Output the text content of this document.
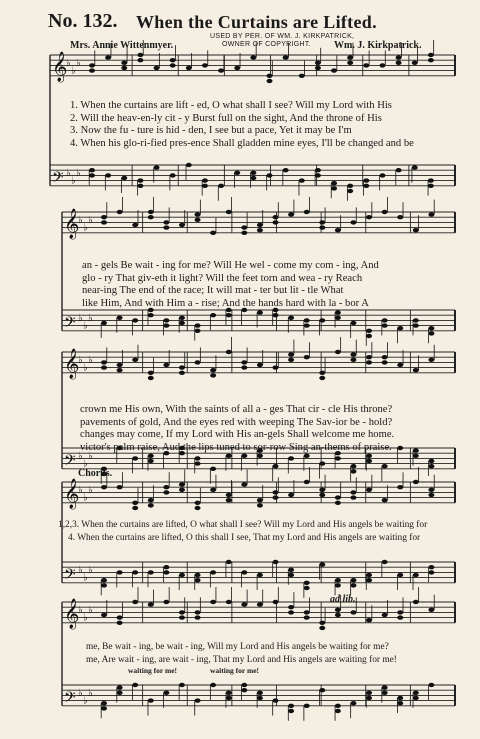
No. 132. When the Curtains are Lifted.
USED BY PER. OF WM. J. KIRKPATRICK,
OWNER OF COPYRIGHT.
Mrs. Annie Wittenmyer.	Wm. J. Kirkpatrick.
𝄞
♭
♭
♭
𝄢 ♭
♭
♭
𝄞
♭
♭
♭
𝄢 ♭
♭
♭
𝄞
♭
♭
♭
𝄢 ♭
♭
♭
𝄞
♭
♭
♭
𝄢 ♭
♭
♭
𝄞
♭
♭
♭
𝄢 ♭
♭
♭
1. When the curtains are lift - ed, O what shall I see? Will my Lord with His
2. Will the heav-en-ly cit - y Burst full on the sight, And the throne of His
3. Now the fu - ture is hid - den, I see but a pace, Yet it may be I'm
4. When his glo-ri-fied pres-ence Shall gladden mine eyes, I'll be changed and be
an - gels Be wait - ing for me? Will He wel - come my com - ing, And
glo - ry That giv-eth it light? Will the feet torn and wea - ry Reach
near-ing The end of the race; It will mat - ter but lit - tle What
like Him, And with Him a - rise; And the hands hard with la - bor A
crown me His own, With the saints of all a - ges That cir - cle His throne?
pavements of gold, And the eyes red with weeping The Sav-ior be - hold?
changes may come, If my Lord with His an-gels Shall welcome me home.
victor's palm raise, Aud the lips tuned to sor-row Sing an-thems of praise.
Chorus.
1,2,3. When the curtains are lifted, O what shall I see? Will my Lord and His angels be waiting for
4. When the curtains are lifted, O this shall I see, That my Lord and His angels are waiting for
ad lib.
me, Be wait - ing, be wait - ing, Will my Lord and His angels be waiting for me?
me, Are wait - ing, are wait - ing, That my Lord and His angels are waiting for me!
waiting for me!	waiting for me!
